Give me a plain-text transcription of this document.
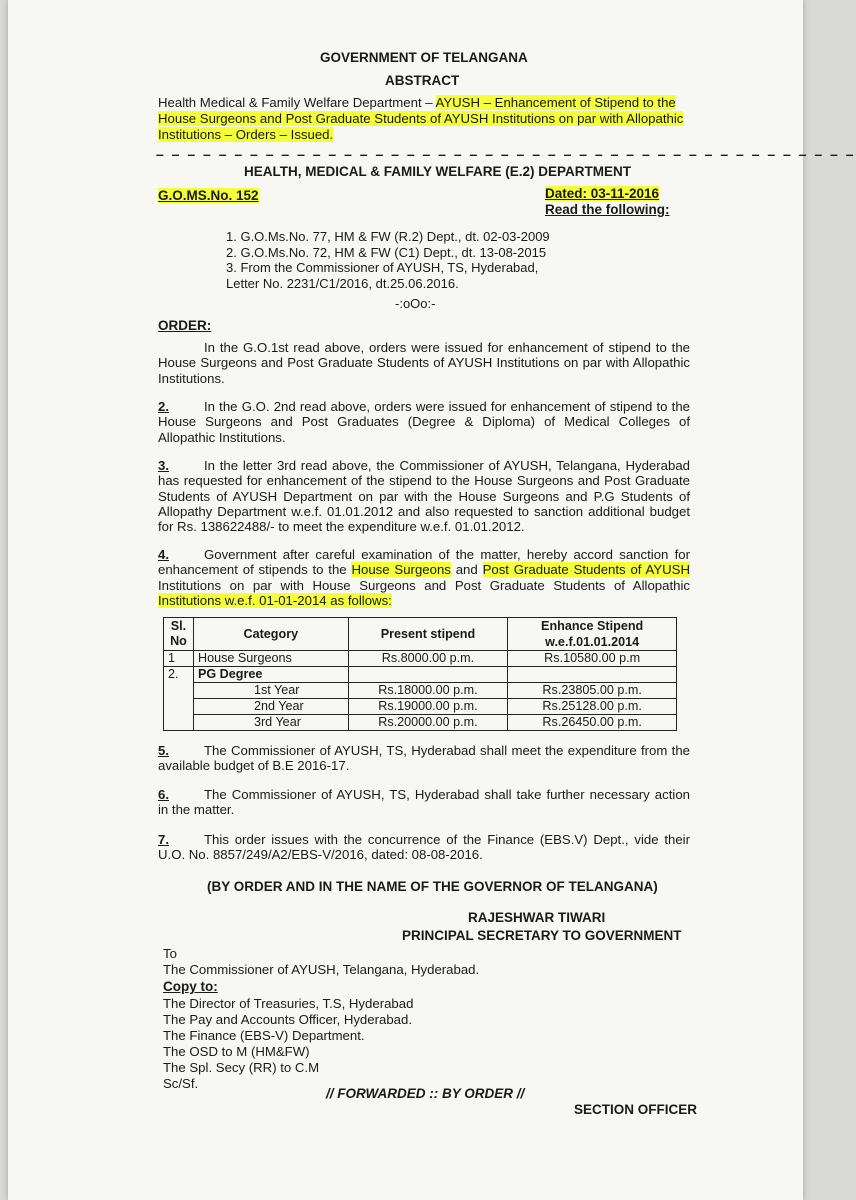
GOVERNMENT OF TELANGANA
ABSTRACT
Health Medical & Family Welfare Department – AYUSH – Enhancement of Stipend to the
House Surgeons and Post Graduate Students of AYUSH Institutions on par with Allopathic
Institutions – Orders – Issued.
– – – – – – – – – – – – – – – – – – – – – – – – – – – – – – – – – – – – – – – – – – – – –
HEALTH, MEDICAL & FAMILY WELFARE (E.2) DEPARTMENT
G.O.MS.No. 152	Dated: 03-11-2016
Read the following:
1. G.O.Ms.No. 77, HM & FW (R.2) Dept., dt. 02-03-2009
2. G.O.Ms.No. 72, HM & FW (C1) Dept., dt. 13-08-2015
3. From the Commissioner of AYUSH, TS, Hyderabad,
Letter No. 2231/C1/2016, dt.25.06.2016.
-:oOo:-
ORDER:
In the G.O.1st read above, orders were issued for enhancement of stipend to the House Surgeons and Post Graduate Students of AYUSH Institutions on par with Allopathic Institutions.
2.	In the G.O. 2nd read above, orders were issued for enhancement of stipend to the House Surgeons and Post Graduates (Degree & Diploma) of Medical Colleges of Allopathic Institutions.
3.	In the letter 3rd read above, the Commissioner of AYUSH, Telangana, Hyderabad has requested for enhancement of the stipend to the House Surgeons and Post Graduate Students of AYUSH Department on par with the House Surgeons and P.G Students of Allopathy Department w.e.f. 01.01.2012 and also requested to sanction additional budget for Rs. 138622488/- to meet the expenditure w.e.f. 01.01.2012.
4.	Government after careful examination of the matter, hereby accord sanction for enhancement of stipends to the House Surgeons and Post Graduate Students of AYUSH Institutions on par with House Surgeons and Post Graduate Students of Allopathic Institutions w.e.f. 01-01-2014 as follows:
Sl. No	Category	Present stipend	Enhance Stipend w.e.f.01.01.2014
1	House Surgeons	Rs.8000.00 p.m.	Rs.10580.00 p.m
2.	PG Degree		
	1st Year	Rs.18000.00 p.m.	Rs.23805.00 p.m.
	2nd Year	Rs.19000.00 p.m.	Rs.25128.00 p.m.
	3rd Year	Rs.20000.00 p.m.	Rs.26450.00 p.m.
5.	The Commissioner of AYUSH, TS, Hyderabad shall meet the expenditure from the available budget of B.E 2016-17.
6.	The Commissioner of AYUSH, TS, Hyderabad shall take further necessary action in the matter.
7.	This order issues with the concurrence of the Finance (EBS.V) Dept., vide their U.O. No. 8857/249/A2/EBS-V/2016, dated: 08-08-2016.
(BY ORDER AND IN THE NAME OF THE GOVERNOR OF TELANGANA)
RAJESHWAR TIWARI
PRINCIPAL SECRETARY TO GOVERNMENT
To
The Commissioner of AYUSH, Telangana, Hyderabad.
Copy to:
The Director of Treasuries, T.S, Hyderabad
The Pay and Accounts Officer, Hyderabad.
The Finance (EBS-V) Department.
The OSD to M (HM&FW)
The Spl. Secy (RR) to C.M
Sc/Sf.
// FORWARDED :: BY ORDER //
SECTION OFFICER
